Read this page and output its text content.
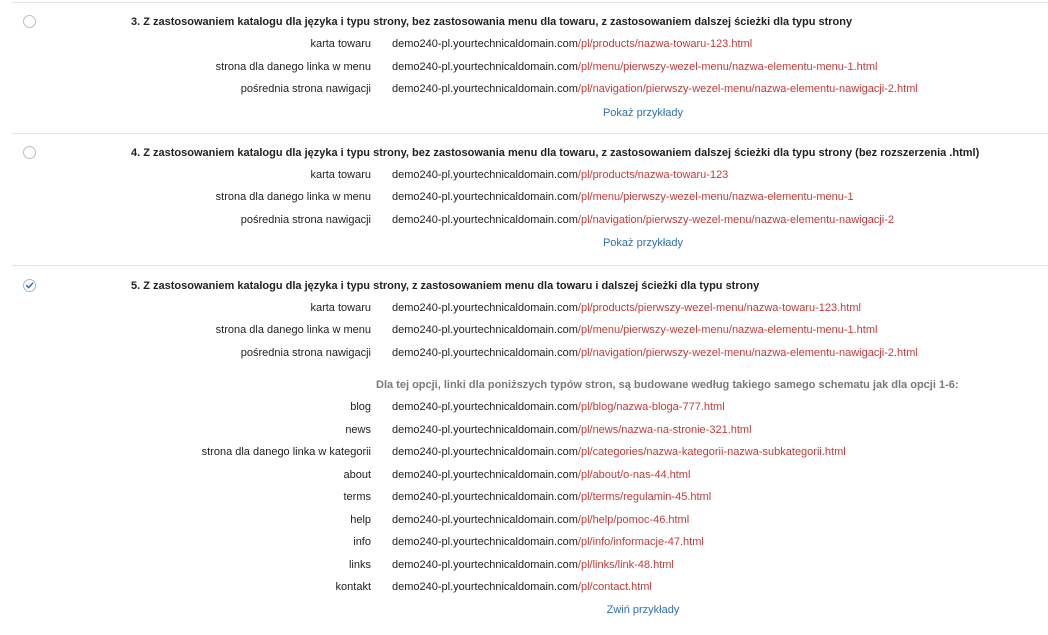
3. Z zastosowaniem katalogu dla języka i typu strony, bez zastosowania menu dla towaru, z zastosowaniem dalszej ścieżki dla typu strony
karta towaru demo240-pl.yourtechnicaldomain.com/pl/products/nazwa-towaru-123.html
strona dla danego linka w menu demo240-pl.yourtechnicaldomain.com/pl/menu/pierwszy-wezel-menu/nazwa-elementu-menu-1.html
pośrednia strona nawigacji demo240-pl.yourtechnicaldomain.com/pl/navigation/pierwszy-wezel-menu/nazwa-elementu-nawigacji-2.html
Pokaż przykłady
4. Z zastosowaniem katalogu dla języka i typu strony, bez zastosowania menu dla towaru, z zastosowaniem dalszej ścieżki dla typu strony (bez rozszerzenia .html)
karta towaru demo240-pl.yourtechnicaldomain.com/pl/products/nazwa-towaru-123
strona dla danego linka w menu demo240-pl.yourtechnicaldomain.com/pl/menu/pierwszy-wezel-menu/nazwa-elementu-menu-1
pośrednia strona nawigacji demo240-pl.yourtechnicaldomain.com/pl/navigation/pierwszy-wezel-menu/nazwa-elementu-nawigacji-2
Pokaż przykłady
5. Z zastosowaniem katalogu dla języka i typu strony, z zastosowaniem menu dla towaru i dalszej ścieżki dla typu strony
karta towaru demo240-pl.yourtechnicaldomain.com/pl/products/pierwszy-wezel-menu/nazwa-towaru-123.html
strona dla danego linka w menu demo240-pl.yourtechnicaldomain.com/pl/menu/pierwszy-wezel-menu/nazwa-elementu-menu-1.html
pośrednia strona nawigacji demo240-pl.yourtechnicaldomain.com/pl/navigation/pierwszy-wezel-menu/nazwa-elementu-nawigacji-2.html
Dla tej opcji, linki dla poniższych typów stron, są budowane według takiego samego schematu jak dla opcji 1-6:
blog demo240-pl.yourtechnicaldomain.com/pl/blog/nazwa-bloga-777.html
news demo240-pl.yourtechnicaldomain.com/pl/news/nazwa-na-stronie-321.html
strona dla danego linka w kategorii demo240-pl.yourtechnicaldomain.com/pl/categories/nazwa-kategorii-nazwa-subkategorii.html
about demo240-pl.yourtechnicaldomain.com/pl/about/o-nas-44.html
terms demo240-pl.yourtechnicaldomain.com/pl/terms/regulamin-45.html
help demo240-pl.yourtechnicaldomain.com/pl/help/pomoc-46.html
info demo240-pl.yourtechnicaldomain.com/pl/info/informacje-47.html
links demo240-pl.yourtechnicaldomain.com/pl/links/link-48.html
kontakt demo240-pl.yourtechnicaldomain.com/pl/contact.html
Zwiń przykłady
